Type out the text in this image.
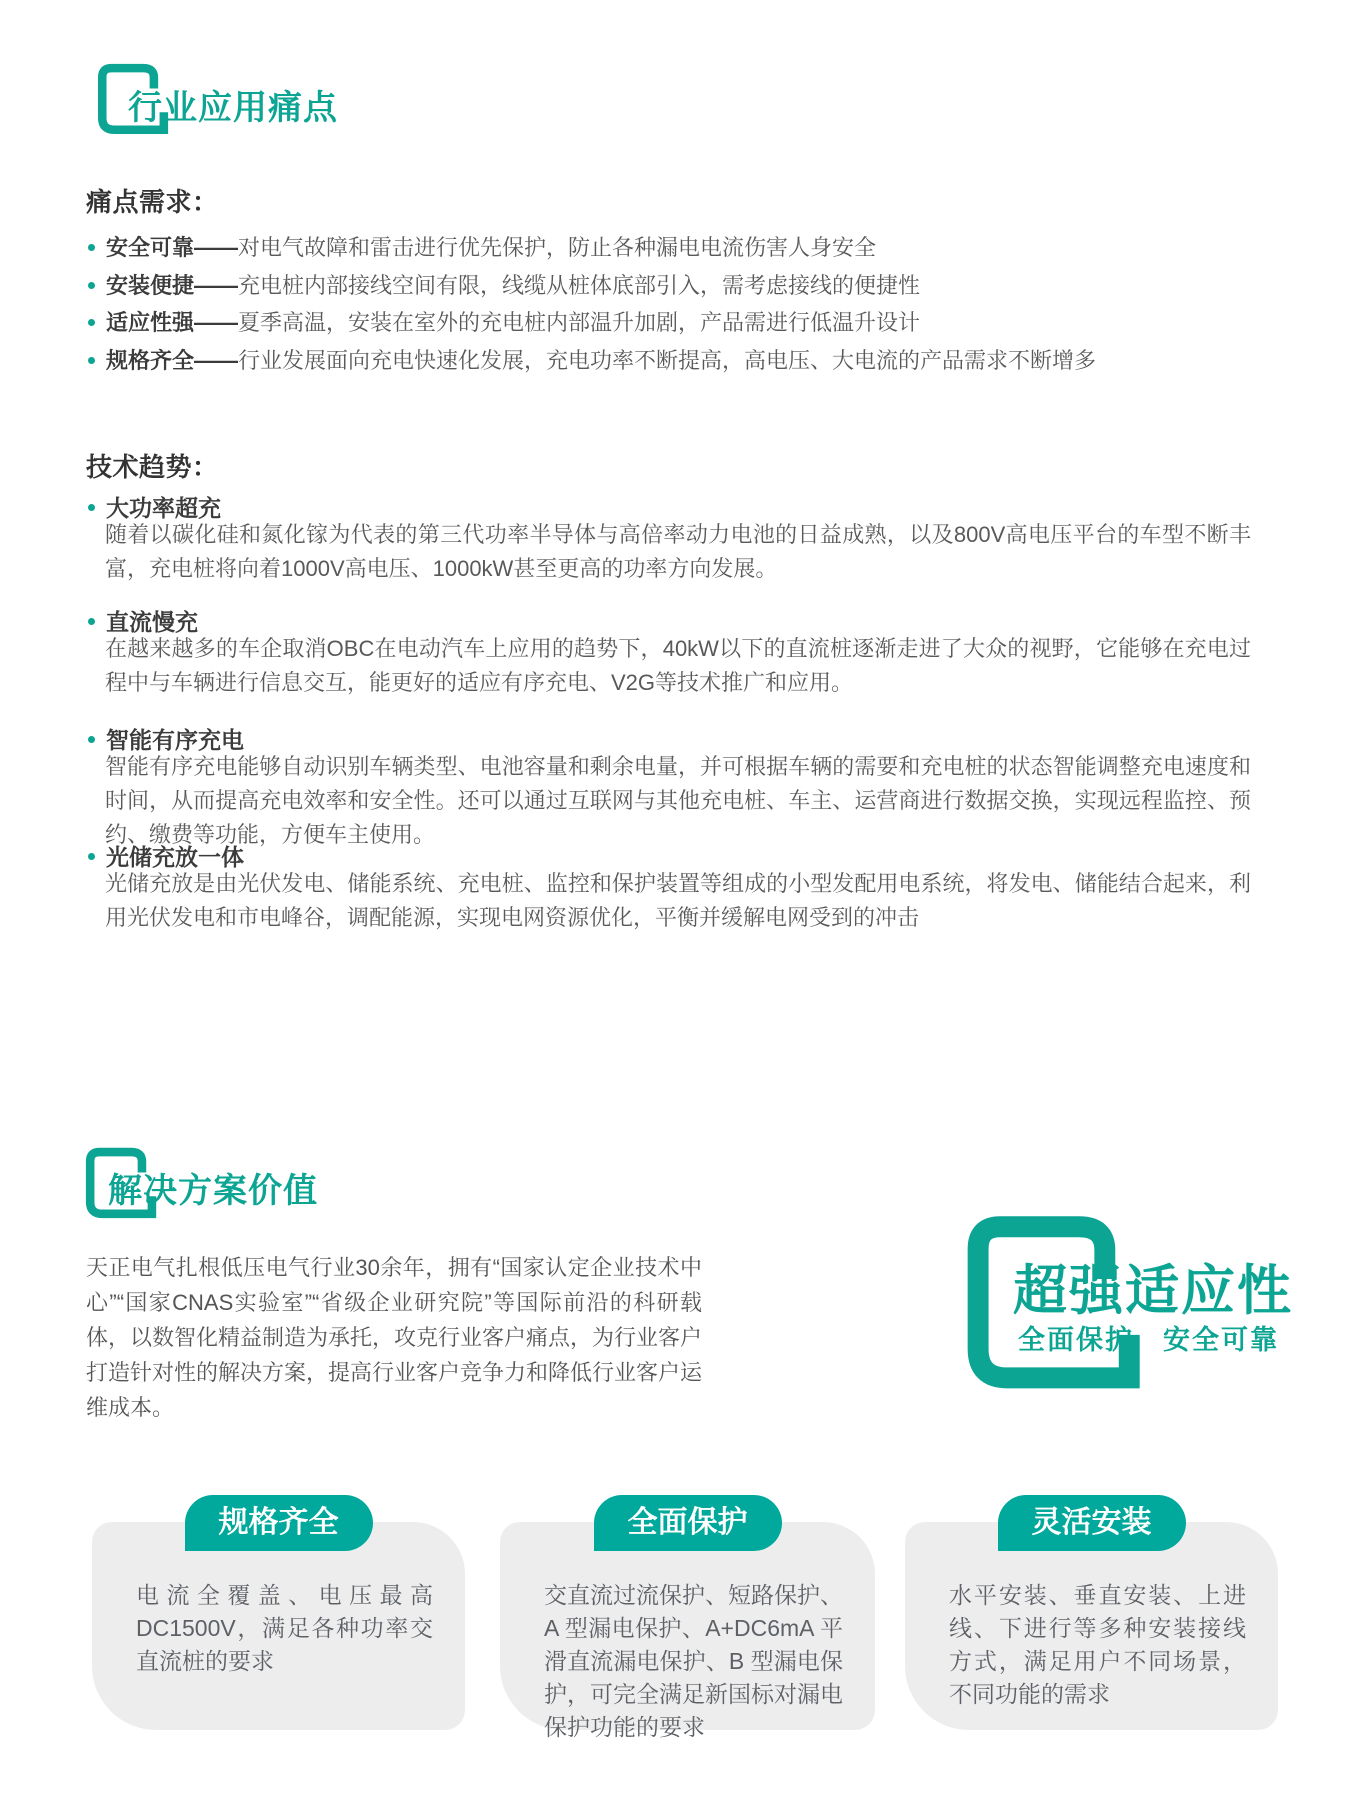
行业应用痛点
痛点需求：
安全可靠——对电气故障和雷击进行优先保护，防止各种漏电电流伤害人身安全
安装便捷——充电桩内部接线空间有限，线缆从桩体底部引入，需考虑接线的便捷性
适应性强——夏季高温，安装在室外的充电桩内部温升加剧，产品需进行低温升设计
规格齐全——行业发展面向充电快速化发展，充电功率不断提高，高电压、大电流的产品需求不断增多
技术趋势：
大功率超充
随着以碳化硅和氮化镓为代表的第三代功率半导体与高倍率动力电池的日益成熟，以及800V高电压平台的车型不断丰富，充电桩将向着1000V高电压、1000kW甚至更高的功率方向发展。
直流慢充
在越来越多的车企取消OBC在电动汽车上应用的趋势下，40kW以下的直流桩逐渐走进了大众的视野，它能够在充电过程中与车辆进行信息交互，能更好的适应有序充电、V2G等技术推广和应用。
智能有序充电
智能有序充电能够自动识别车辆类型、电池容量和剩余电量，并可根据车辆的需要和充电桩的状态智能调整充电速度和时间，从而提高充电效率和安全性。还可以通过互联网与其他充电桩、车主、运营商进行数据交换，实现远程监控、预约、缴费等功能，方便车主使用。
光储充放一体
光储充放是由光伏发电、储能系统、充电桩、监控和保护装置等组成的小型发配用电系统，将发电、储能结合起来，利用光伏发电和市电峰谷，调配能源，实现电网资源优化，平衡并缓解电网受到的冲击
解决方案价值
天正电气扎根低压电气行业30余年，拥有“国家认定企业技术中心”“国家CNAS实验室”“省级企业研究院”等国际前沿的科研载体，以数智化精益制造为承托，攻克行业客户痛点，为行业客户打造针对性的解决方案，提高行业客户竞争力和降低行业客户运维成本。
超强适应性
全面保护　安全可靠
规格齐全
电流全覆盖、电压最高 DC1500V，满足各种功率交直流桩的要求
全面保护
交直流过流保护、短路保护、A 型漏电保护、A+DC6mA 平滑直流漏电保护、B 型漏电保护，可完全满足新国标对漏电保护功能的要求
灵活安装
水平安装、垂直安装、上进线、下进行等多种安装接线方式，满足用户不同场景，不同功能的需求
